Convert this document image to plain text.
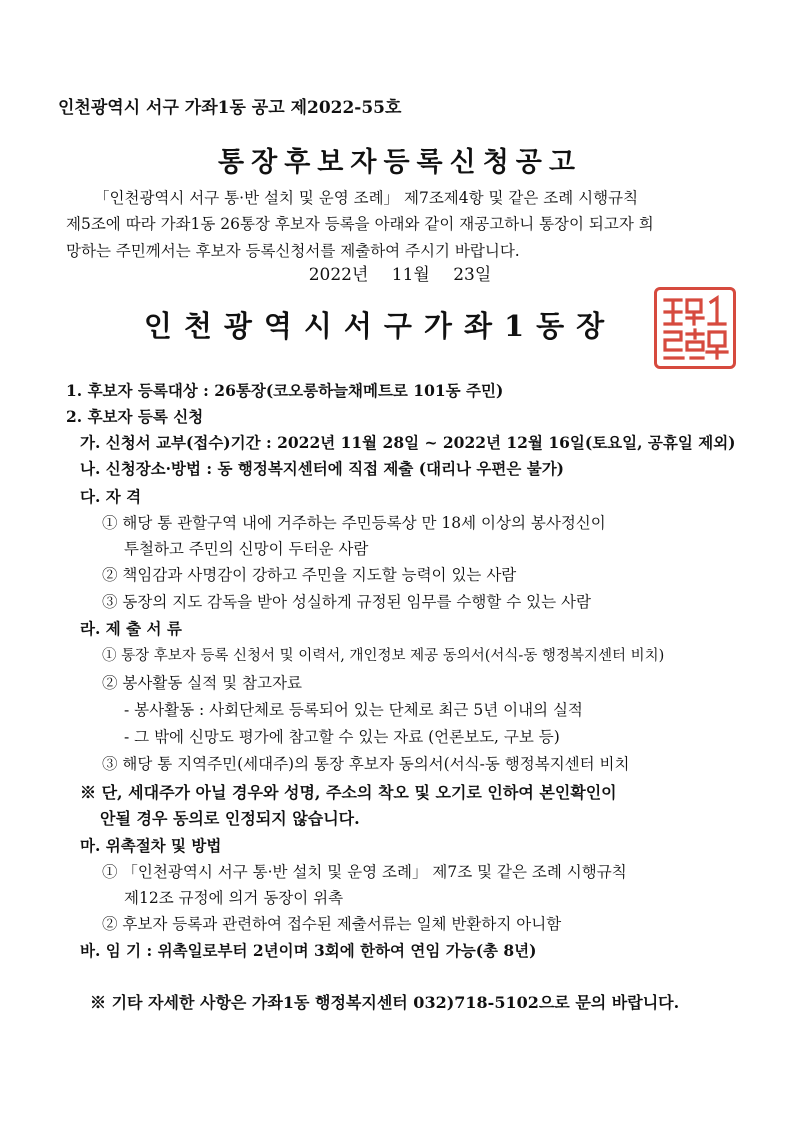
인천광역시 서구 가좌1동 공고 제2022-55호
통장후보자등록신청공고
「인천광역시 서구 통·반 설치 및 운영 조례」 제7조제4항 및 같은 조례 시행규칙
제5조에 따라 가좌1동 26통장 후보자 등록을 아래와 같이 재공고하니 통장이 되고자 희
망하는 주민께서는 후보자 등록신청서를 제출하여 주시기 바랍니다.
2022년 11월 23일
인천광역시서구가좌1동장
1. 후보자 등록대상 : 26통장(코오롱하늘채메트로 101동 주민)
2. 후보자 등록 신청
가. 신청서 교부(접수)기간 : 2022년 11월 28일 ~ 2022년 12월 16일(토요일, 공휴일 제외)
나. 신청장소·방법 : 동 행정복지센터에 직접 제출 (대리나 우편은 불가)
다. 자 격
① 해당 통 관할구역 내에 거주하는 주민등록상 만 18세 이상의 봉사정신이
투철하고 주민의 신망이 두터운 사람
② 책임감과 사명감이 강하고 주민을 지도할 능력이 있는 사람
③ 동장의 지도 감독을 받아 성실하게 규정된 임무를 수행할 수 있는 사람
라. 제 출 서 류
① 통장 후보자 등록 신청서 및 이력서, 개인정보 제공 동의서(서식-동 행정복지센터 비치)
② 봉사활동 실적 및 참고자료
- 봉사활동 : 사회단체로 등록되어 있는 단체로 최근 5년 이내의 실적
- 그 밖에 신망도 평가에 참고할 수 있는 자료 (언론보도, 구보 등)
③ 해당 통 지역주민(세대주)의 통장 후보자 동의서(서식-동 행정복지센터 비치
※ 단, 세대주가 아닐 경우와 성명, 주소의 착오 및 오기로 인하여 본인확인이
안될 경우 동의로 인정되지 않습니다.
마. 위촉절차 및 방법
① 「인천광역시 서구 통·반 설치 및 운영 조례」 제7조 및 같은 조례 시행규칙
제12조 규정에 의거 동장이 위촉
② 후보자 등록과 관련하여 접수된 제출서류는 일체 반환하지 아니함
바. 임 기 : 위촉일로부터 2년이며 3회에 한하여 연임 가능(총 8년)
※ 기타 자세한 사항은 가좌1동 행정복지센터 032)718-5102으로 문의 바랍니다.
